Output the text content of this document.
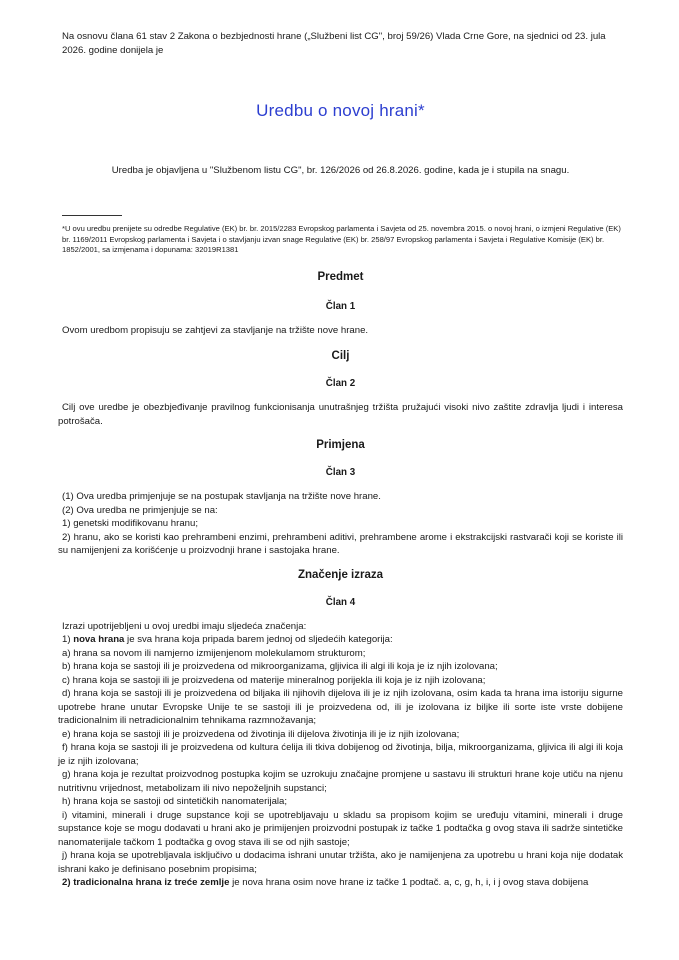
Na osnovu člana 61 stav 2 Zakona o bezbjednosti hrane („Službeni list CG", broj 59/26) Vlada Crne Gore, na sjednici od 23. jula 2026. godine donijela je

Uredbu o novoj hrani*

Uredba je objavljena u "Službenom listu CG", br. 126/2026 od 26.8.2026. godine, kada je i stupila na snagu.

*U ovu uredbu prenijete su odredbe Regulative (EK) br. br. 2015/2283 Evropskog parlamenta i Savjeta od 25. novembra 2015. o novoj hrani, o izmjeni Regulative (EK) br. 1169/2011 Evropskog parlamenta i Savjeta i o stavljanju izvan snage Regulative (EK) br. 258/97 Evropskog parlamenta i Savjeta i Regulative Komisije (EK) br. 1852/2001, sa izmjenama i dopunama: 32019R1381

Predmet
Član 1

Ovom uredbom propisuju se zahtjevi za stavljanje na tržište nove hrane.

Cilj
Član 2

Cilj ove uredbe je obezbjeđivanje pravilnog funkcionisanja unutrašnjeg tržišta pružajući visoki nivo zaštite zdravlja ljudi i interesa potrošača.

Primjena
Član 3

(1) Ova uredba primjenjuje se na postupak stavljanja na tržište nove hrane.

(2) Ova uredba ne primjenjuje se na:

1) genetski modifikovanu hranu;

2) hranu, ako se koristi kao prehrambeni enzimi, prehrambeni aditivi, prehrambene arome i ekstrakcijski rastvarači koji se koriste ili su namijenjeni za korišćenje u proizvodnji hrane i sastojaka hrane.

Značenje izraza
Član 4

Izrazi upotrijebljeni u ovoj uredbi imaju sljedeća značenja:

1) nova hrana je sva hrana koja pripada barem jednoj od sljedećih kategorija:

a) hrana sa novom ili namjerno izmijenjenom molekulamom strukturom;

b) hrana koja se sastoji ili je proizvedena od mikroorganizama, gljivica ili algi ili koja je iz njih izolovana;

c) hrana koja se sastoji ili je proizvedena od materije mineralnog porijekla ili koja je iz njih izolovana;

d) hrana koja se sastoji ili je proizvedena od biljaka ili njihovih dijelova ili je iz njih izolovana, osim kada ta hrana ima istoriju sigurne upotrebe hrane unutar Evropske Unije te se sastoji ili je proizvedena od, ili je izolovana iz biljke ili sorte iste vrste dobijene tradicionalnim ili netradicionalnim tehnikama razmnožavanja;

e) hrana koja se sastoji ili je proizvedena od životinja ili dijelova životinja ili je iz njih izolovana;

f) hrana koja se sastoji ili je proizvedena od kultura ćelija ili tkiva dobijenog od životinja, bilja, mikroorganizama, gljivica ili algi ili koja je iz njih izolovana;

g) hrana koja je rezultat proizvodnog postupka kojim se uzrokuju značajne promjene u sastavu ili strukturi hrane koje utiču na njenu nutritivnu vrijednost, metabolizam ili nivo nepoželjnih supstanci;

h) hrana koja se sastoji od sintetičkih nanomaterijala;

i) vitamini, minerali i druge supstance koji se upotrebljavaju u skladu sa propisom kojim se uređuju vitamini, minerali i druge supstance koje se mogu dodavati u hrani ako je primijenjen proizvodni postupak iz tačke 1 podtačka g ovog stava ili sadrže sintetičke nanomaterijale tačkom 1 podtačka g ovog stava ili se od njih sastoje;

j) hrana koja se upotrebljavala isključivo u dodacima ishrani unutar tržišta, ako je namijenjena za upotrebu u hrani koja nije dodatak ishrani kako je definisano posebnim propisima;

2) tradicionalna hrana iz treće zemlje je nova hrana osim nove hrane iz tačke 1 podtač. a, c, g, h, i, i j ovog stava dobijena
